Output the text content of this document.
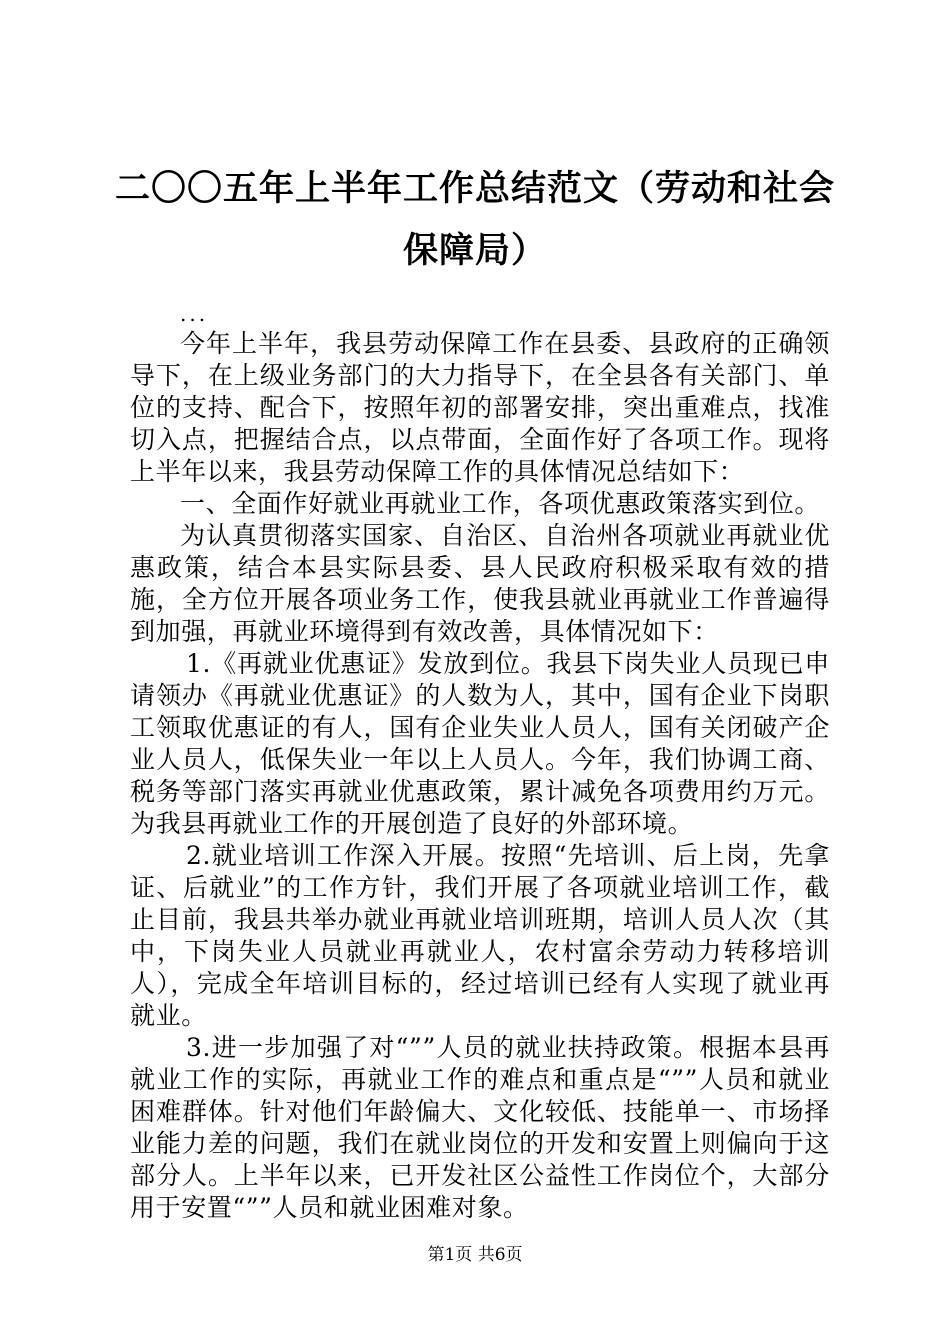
二〇〇五年上半年工作总结范文（劳动和社会保障局）
...

今年上半年，我县劳动保障工作在县委、县政府的正确领导下，在上级业务部门的大力指导下，在全县各有关部门、单位的支持、配合下，按照年初的部署安排，突出重难点，找准切入点，把握结合点，以点带面，全面作好了各项工作。现将上半年以来，我县劳动保障工作的具体情况总结如下：

一、全面作好就业再就业工作，各项优惠政策落实到位。

为认真贯彻落实国家、自治区、自治州各项就业再就业优惠政策，结合本县实际县委、县人民政府积极采取有效的措施，全方位开展各项业务工作，使我县就业再就业工作普遍得到加强，再就业环境得到有效改善，具体情况如下：

1.《再就业优惠证》发放到位。我县下岗失业人员现已申请领办《再就业优惠证》的人数为人，其中，国有企业下岗职工领取优惠证的有人，国有企业失业人员人，国有关闭破产企业人员人，低保失业一年以上人员人。今年，我们协调工商、税务等部门落实再就业优惠政策，累计减免各项费用约万元。为我县再就业工作的开展创造了良好的外部环境。

2.就业培训工作深入开展。按照“先培训、后上岗，先拿证、后就业”的工作方针，我们开展了各项就业培训工作，截止目前，我县共举办就业再就业培训班期，培训人员人次（其中，下岗失业人员就业再就业人，农村富余劳动力转移培训人），完成全年培训目标的，经过培训已经有人实现了就业再就业。

3.进一步加强了对“””人员的就业扶持政策。根据本县再就业工作的实际，再就业工作的难点和重点是“””人员和就业困难群体。针对他们年龄偏大、文化较低、技能单一、市场择业能力差的问题，我们在就业岗位的开发和安置上则偏向于这部分人。上半年以来，已开发社区公益性工作岗位个，大部分用于安置“””人员和就业困难对象。

第1页 共6页
